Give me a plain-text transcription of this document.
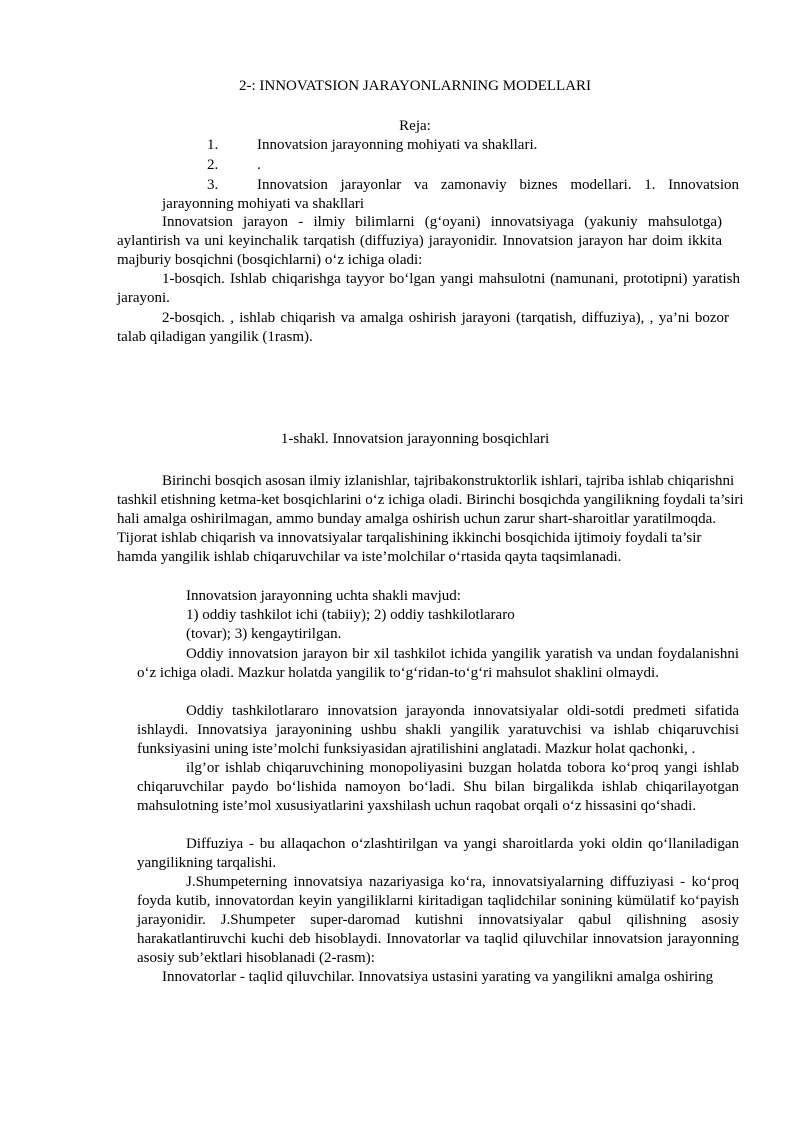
2-: INNOVATSION JARAYONLARNING MODELLARI
Reja:
1.	Innovatsion jarayonning mohiyati va shakllari.
2.	.
3.	Innovatsion jarayonlar va zamonaviy biznes modellari. 1. Innovatsion
jarayonning mohiyati va shakllari

Innovatsion jarayon - ilmiy bilimlarni (g‘oyani) innovatsiyaga (yakuniy mahsulotga) aylantirish va uni keyinchalik tarqatish (diffuziya) jarayonidir. Innovatsion jarayon har doim ikkita majburiy bosqichni (bosqichlarni) o‘z ichiga oladi:

1-bosqich. Ishlab chiqarishga tayyor bo‘lgan yangi mahsulotni (namunani, prototipni) yaratish jarayoni.

2-bosqich. , ishlab chiqarish va amalga oshirish jarayoni (tarqatish, diffuziya), , ya’ni bozor talab qiladigan yangilik (1rasm).

1-shakl. Innovatsion jarayonning bosqichlari

Birinchi bosqich asosan ilmiy izlanishlar, tajribakonstruktorlik ishlari, tajriba ishlab chiqarishni tashkil etishning ketma-ket bosqichlarini o‘z ichiga oladi. Birinchi bosqichda yangilikning foydali ta’siri hali amalga oshirilmagan, ammo bunday amalga oshirish uchun zarur shart-sharoitlar yaratilmoqda. Tijorat ishlab chiqarish va innovatsiyalar tarqalishining ikkinchi bosqichida ijtimoiy foydali ta’sir hamda yangilik ishlab chiqaruvchilar va iste’molchilar o‘rtasida qayta taqsimlanadi.

Innovatsion jarayonning uchta shakli mavjud:
1) oddiy tashkilot ichi (tabiiy); 2) oddiy tashkilotlararo
(tovar); 3) kengaytirilgan.

Oddiy innovatsion jarayon bir xil tashkilot ichida yangilik yaratish va undan foydalanishni o‘z ichiga oladi. Mazkur holatda yangilik to‘g‘ridan-to‘g‘ri mahsulot shaklini olmaydi.

Oddiy tashkilotlararo innovatsion jarayonda innovatsiyalar oldi-sotdi predmeti sifatida ishlaydi. Innovatsiya jarayonining ushbu shakli yangilik yaratuvchisi va ishlab chiqaruvchisi funksiyasini uning iste’molchi funksiyasidan ajratilishini anglatadi. Mazkur holat qachonki, .

ilg’or ishlab chiqaruvchining monopoliyasini buzgan holatda tobora ko‘proq yangi ishlab chiqaruvchilar paydo bo‘lishida namoyon bo‘ladi. Shu bilan birgalikda ishlab chiqarilayotgan mahsulotning iste’mol xususiyatlarini yaxshilash uchun raqobat orqali o‘z hissasini qo‘shadi.

Diffuziya - bu allaqachon o‘zlashtirilgan va yangi sharoitlarda yoki oldin qo‘llaniladigan yangilikning tarqalishi.

J.Shumpeterning innovatsiya nazariyasiga ko‘ra, innovatsiyalarning diffuziyasi - ko‘proq foyda kutib, innovatordan keyin yangiliklarni kiritadigan taqlidchilar sonining kümülatif ko‘payish jarayonidir. J.Shumpeter super-daromad kutishni innovatsiyalar qabul qilishning asosiy harakatlantiruvchi kuchi deb hisoblaydi. Innovatorlar va taqlid qiluvchilar innovatsion jarayonning asosiy sub’ektlari hisoblanadi (2-rasm):

Innovatorlar - taqlid qiluvchilar. Innovatsiya ustasini yarating va yangilikni amalga oshiring
